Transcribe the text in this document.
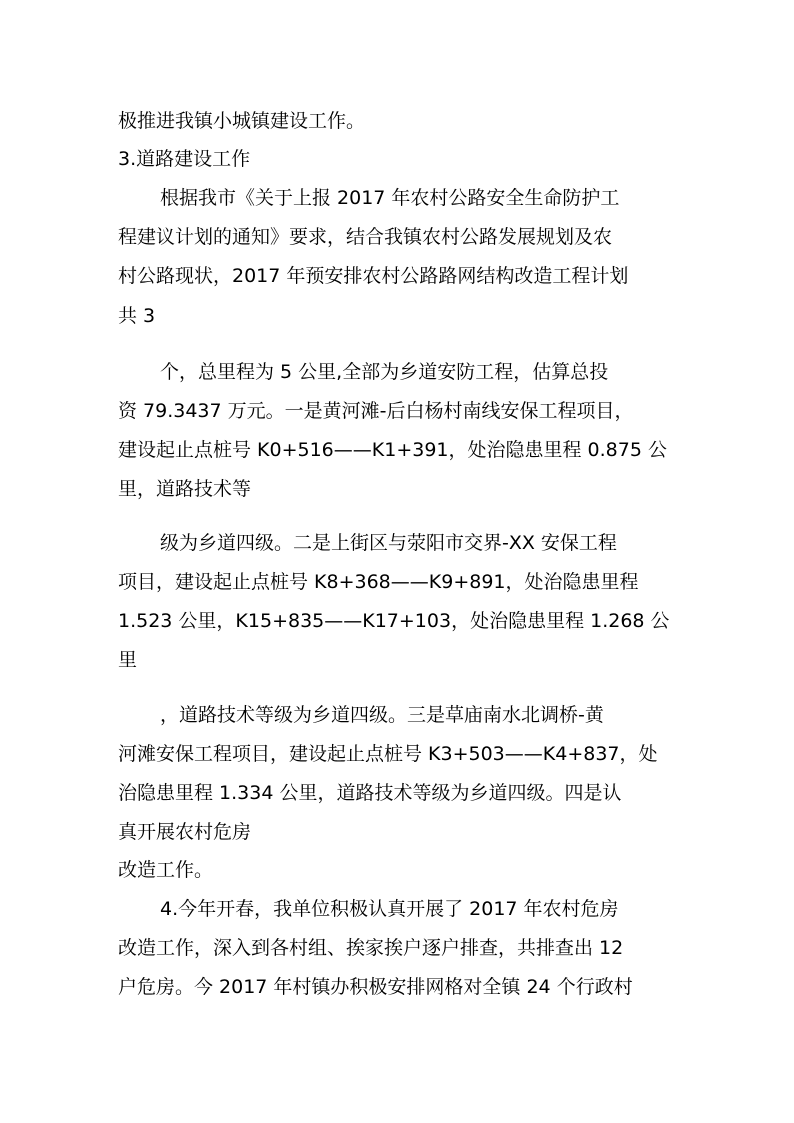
极推进我镇小城镇建设工作。
3.道路建设工作
根据我市《关于上报 2017 年农村公路安全生命防护工
程建议计划的通知》要求，结合我镇农村公路发展规划及农
村公路现状，2017 年预安排农村公路路网结构改造工程计划
共 3
个，总里程为 5 公里,全部为乡道安防工程，估算总投
资 79.3437 万元。一是黄河滩-后白杨村南线安保工程项目，
建设起止点桩号 K0+516——K1+391，处治隐患里程 0.875 公
里，道路技术等
级为乡道四级。二是上街区与荥阳市交界-XX 安保工程
项目，建设起止点桩号 K8+368——K9+891，处治隐患里程
1.523 公里，K15+835——K17+103，处治隐患里程 1.268 公
里
，道路技术等级为乡道四级。三是草庙南水北调桥-黄
河滩安保工程项目，建设起止点桩号 K3+503——K4+837，处
治隐患里程 1.334 公里，道路技术等级为乡道四级。四是认
真开展农村危房
改造工作。
4.今年开春，我单位积极认真开展了 2017 年农村危房
改造工作，深入到各村组、挨家挨户逐户排查，共排查出 12
户危房。今 2017 年村镇办积极安排网格对全镇 24 个行政村
